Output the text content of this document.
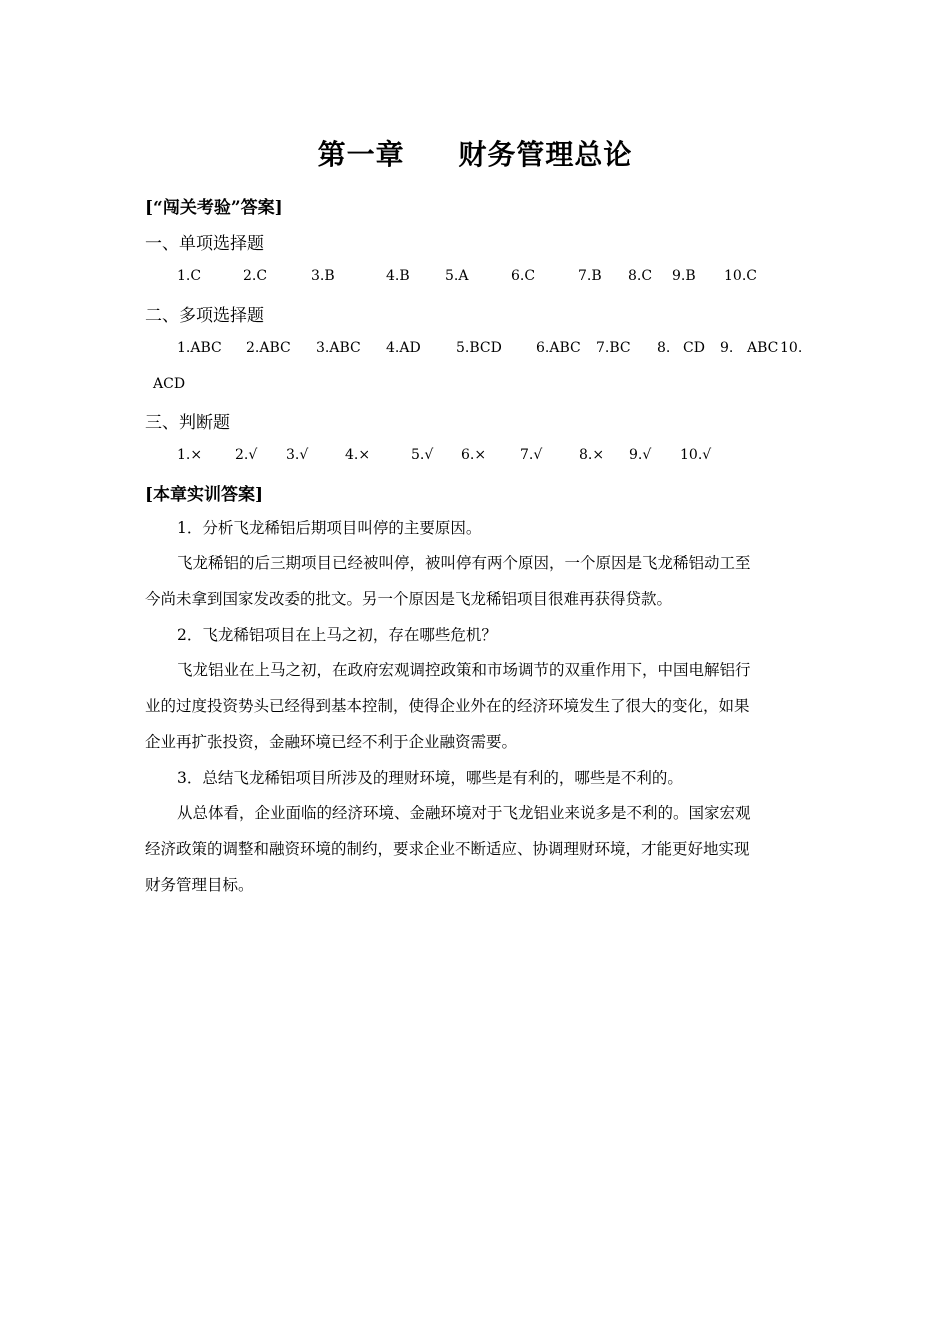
第一章     财务管理总论
[“闯关考验”答案]
一、单项选择题
1.C	2.C	3.B	4.B	5.A	6.C	7.B 8.C 9.B 10.C
二、多项选择题
1.ABC 2.ABC 3.ABC 4.AD	5.BCD 6.ABC 7.BC 8. CD 9. ABC 10.
ACD
三、判断题
1.× 2.√ 3.√	4.×	5.√ 6.× 7.√	8.× 9.√ 10.√
[本章实训答案]
1．分析飞龙稀铝后期项目叫停的主要原因。
飞龙稀铝的后三期项目已经被叫停，被叫停有两个原因，一个原因是飞龙稀铝动工至
今尚未拿到国家发改委的批文。另一个原因是飞龙稀铝项目很难再获得贷款。
2．飞龙稀铝项目在上马之初，存在哪些危机？
飞龙铝业在上马之初，在政府宏观调控政策和市场调节的双重作用下，中国电解铝行
业的过度投资势头已经得到基本控制，使得企业外在的经济环境发生了很大的变化，如果
企业再扩张投资，金融环境已经不利于企业融资需要。
3．总结飞龙稀铝项目所涉及的理财环境，哪些是有利的，哪些是不利的。
从总体看，企业面临的经济环境、金融环境对于飞龙铝业来说多是不利的。国家宏观
经济政策的调整和融资环境的制约，要求企业不断适应、协调理财环境，才能更好地实现
财务管理目标。
